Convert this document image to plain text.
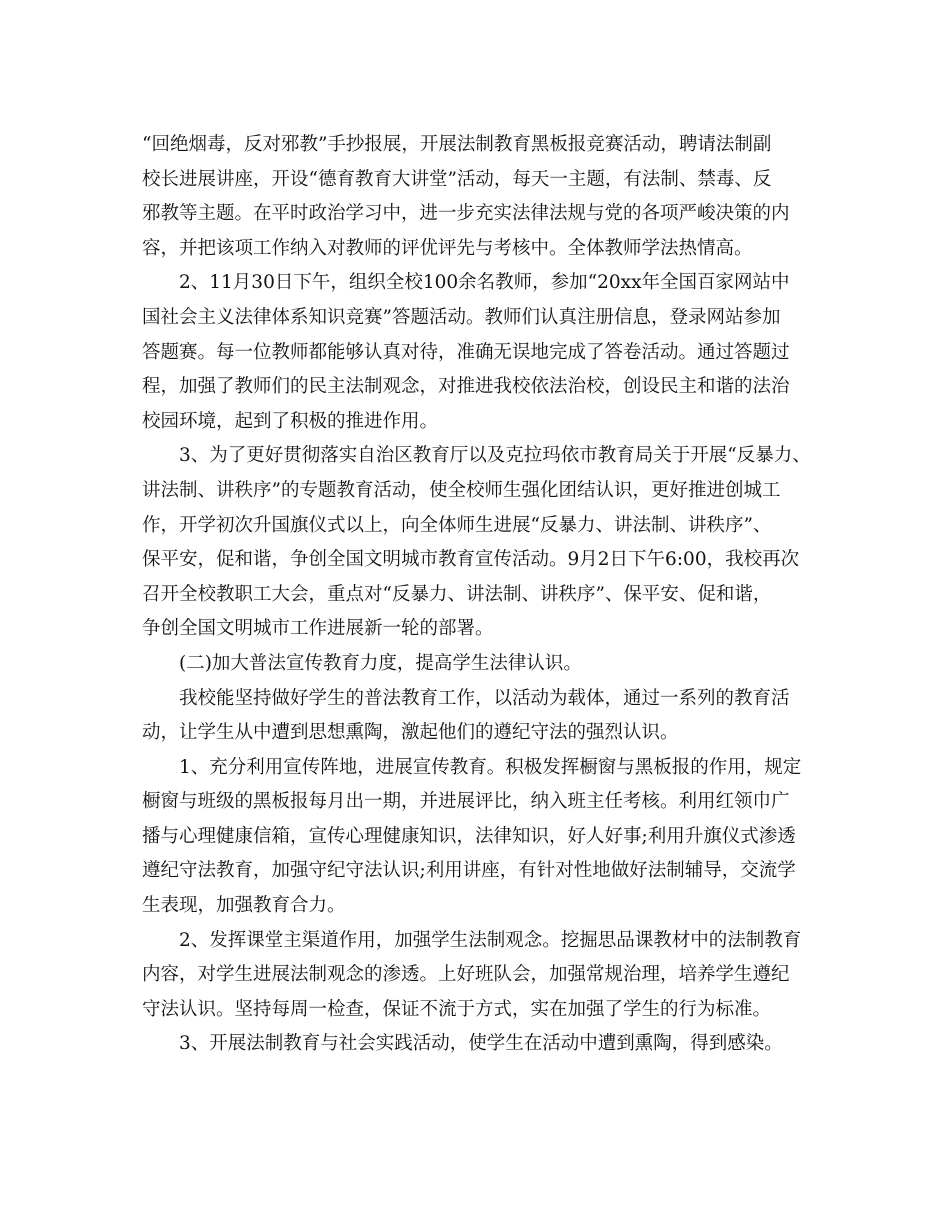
“回绝烟毒，反对邪教”手抄报展，开展法制教育黑板报竞赛活动，聘请法制副
校长进展讲座，开设“德育教育大讲堂”活动，每天一主题，有法制、禁毒、反
邪教等主题。在平时政治学习中，进一步充实法律法规与党的各项严峻决策的内
容，并把该项工作纳入对教师的评优评先与考核中。全体教师学法热情高。
2、11月30日下午，组织全校100余名教师，参加“20xx年全国百家网站中
国社会主义法律体系知识竞赛”答题活动。教师们认真注册信息，登录网站参加
答题赛。每一位教师都能够认真对待，准确无误地完成了答卷活动。通过答题过
程，加强了教师们的民主法制观念，对推进我校依法治校，创设民主和谐的法治
校园环境，起到了积极的推进作用。
3、为了更好贯彻落实自治区教育厅以及克拉玛依市教育局关于开展“反暴力、
讲法制、讲秩序”的专题教育活动，使全校师生强化团结认识，更好推进创城工
作，开学初次升国旗仪式以上，向全体师生进展“反暴力、讲法制、讲秩序”、
保平安，促和谐，争创全国文明城市教育宣传活动。9月2日下午6:00，我校再次
召开全校教职工大会，重点对“反暴力、讲法制、讲秩序”、保平安、促和谐，
争创全国文明城市工作进展新一轮的部署。
(二)加大普法宣传教育力度，提高学生法律认识。
我校能坚持做好学生的普法教育工作，以活动为载体，通过一系列的教育活
动，让学生从中遭到思想熏陶，激起他们的遵纪守法的强烈认识。
1、充分利用宣传阵地，进展宣传教育。积极发挥橱窗与黑板报的作用，规定
橱窗与班级的黑板报每月出一期，并进展评比，纳入班主任考核。利用红领巾广
播与心理健康信箱，宣传心理健康知识，法律知识，好人好事;利用升旗仪式渗透
遵纪守法教育，加强守纪守法认识;利用讲座，有针对性地做好法制辅导，交流学
生表现，加强教育合力。
2、发挥课堂主渠道作用，加强学生法制观念。挖掘思品课教材中的法制教育
内容，对学生进展法制观念的渗透。上好班队会，加强常规治理，培养学生遵纪
守法认识。坚持每周一检查，保证不流于方式，实在加强了学生的行为标准。
3、开展法制教育与社会实践活动，使学生在活动中遭到熏陶，得到感染。
